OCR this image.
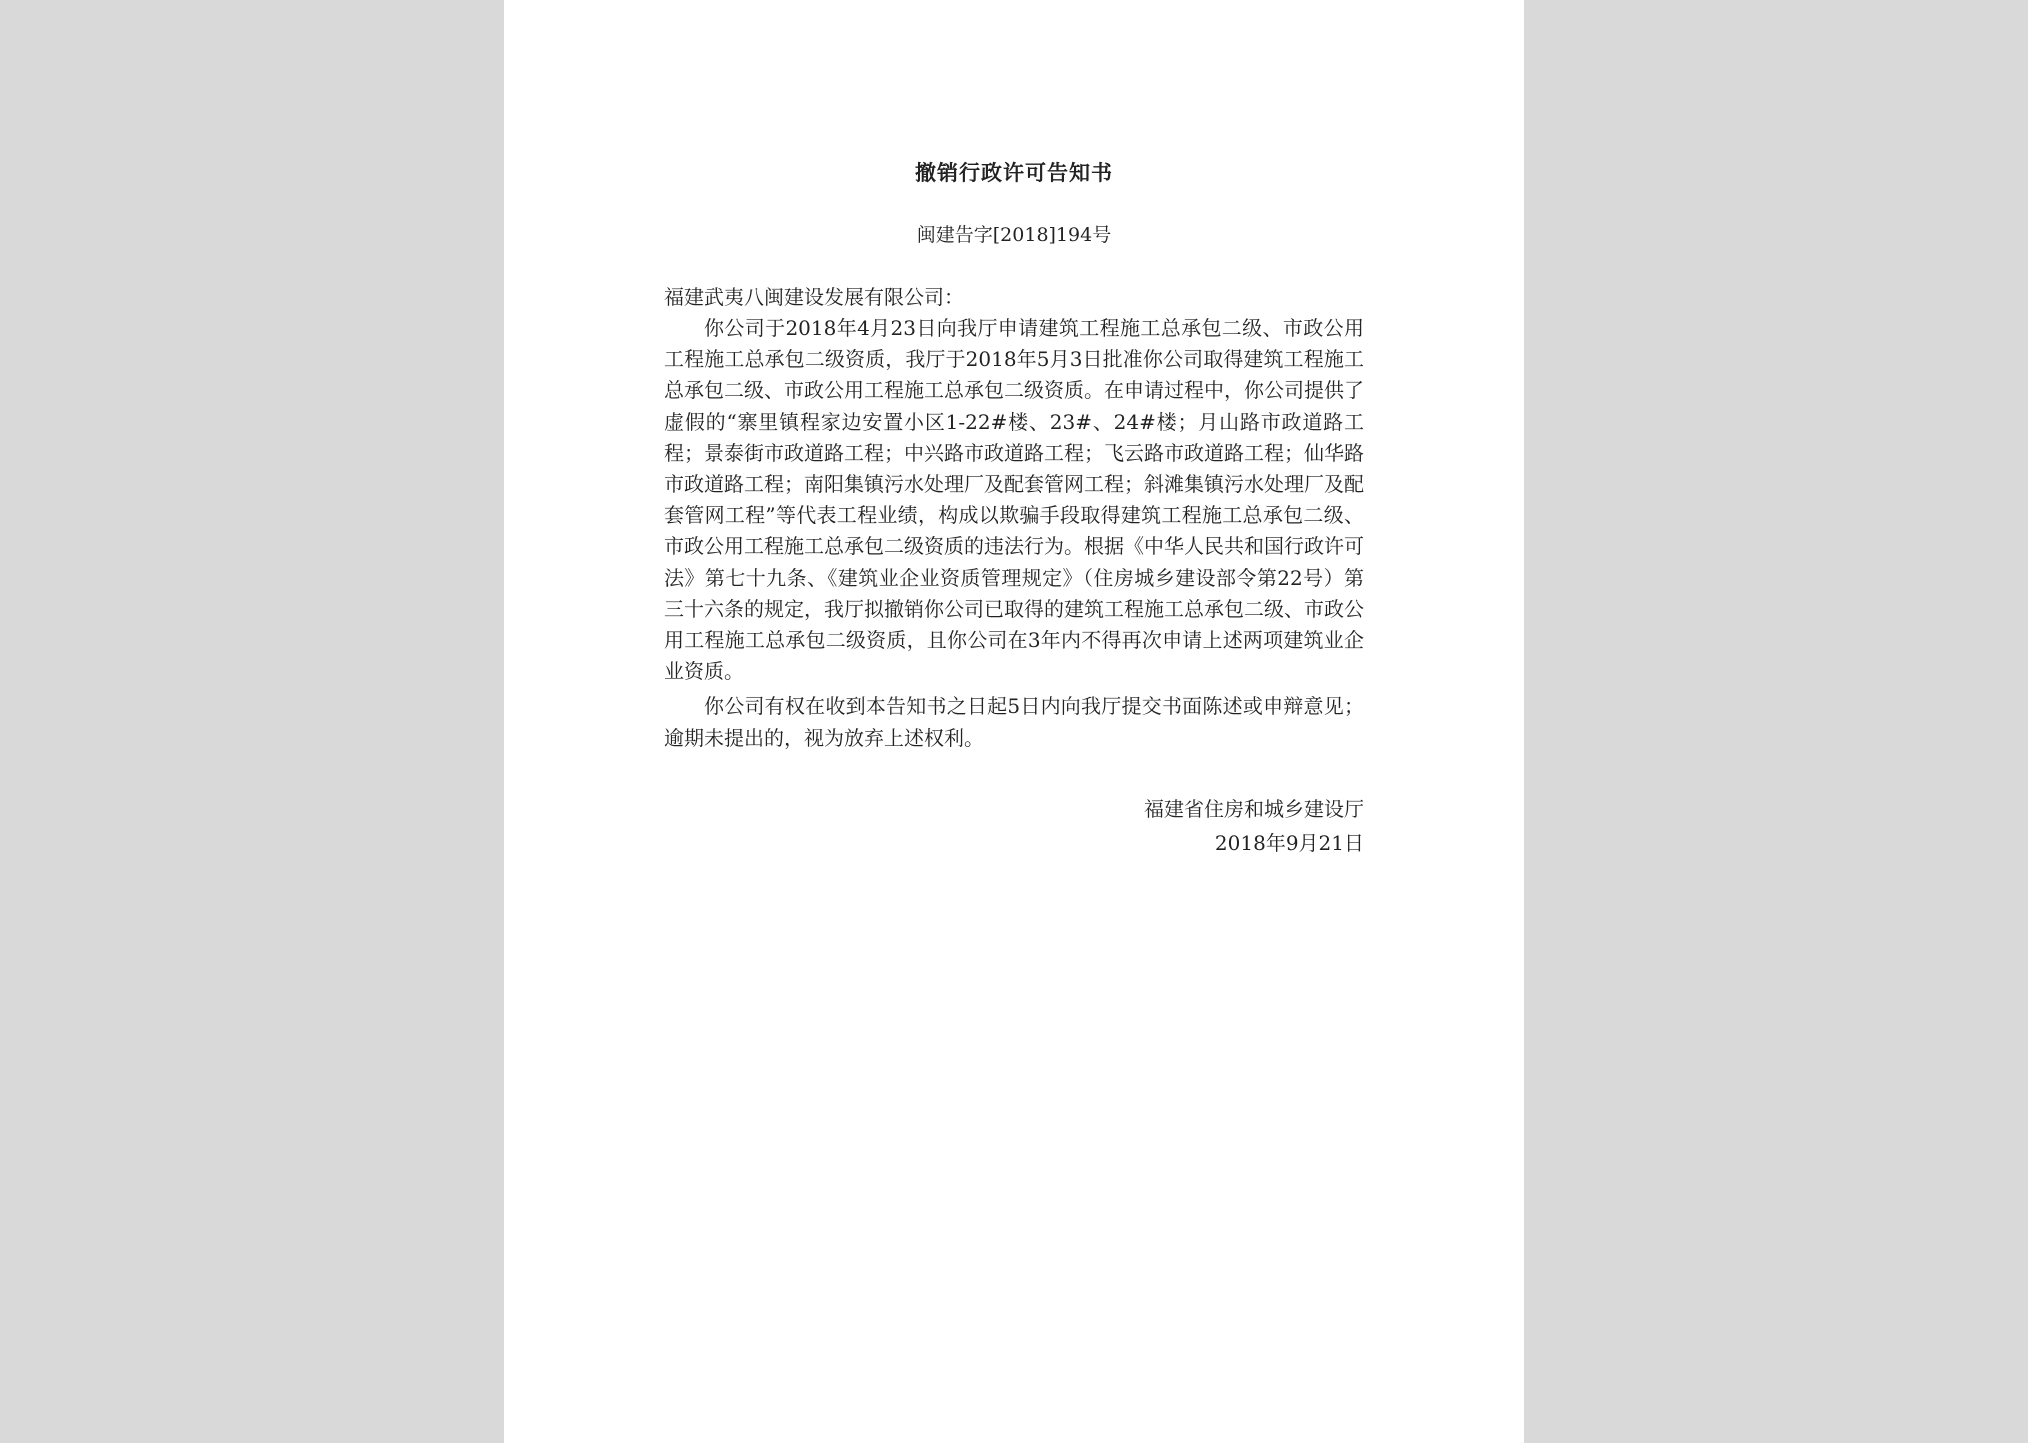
撤销行政许可告知书
闽建告字[2018]194号
福建武夷八闽建设发展有限公司：

你公司于2018年4月23日向我厅申请建筑工程施工总承包二级、市政公用工程施工总承包二级资质，我厅于2018年5月3日批准你公司取得建筑工程施工总承包二级、市政公用工程施工总承包二级资质。在申请过程中，你公司提供了虚假的“寨里镇程家边安置小区1-22#楼、23#、24#楼；月山路市政道路工程；景泰街市政道路工程；中兴路市政道路工程；飞云路市政道路工程；仙华路市政道路工程；南阳集镇污水处理厂及配套管网工程；斜滩集镇污水处理厂及配套管网工程”等代表工程业绩，构成以欺骗手段取得建筑工程施工总承包二级、市政公用工程施工总承包二级资质的违法行为。根据《中华人民共和国行政许可法》第七十九条、《建筑业企业资质管理规定》（住房城乡建设部令第22号）第三十六条的规定，我厅拟撤销你公司已取得的建筑工程施工总承包二级、市政公用工程施工总承包二级资质，且你公司在3年内不得再次申请上述两项建筑业企业资质。

你公司有权在收到本告知书之日起5日内向我厅提交书面陈述或申辩意见；逾期未提出的，视为放弃上述权利。

福建省住房和城乡建设厅
2018年9月21日
